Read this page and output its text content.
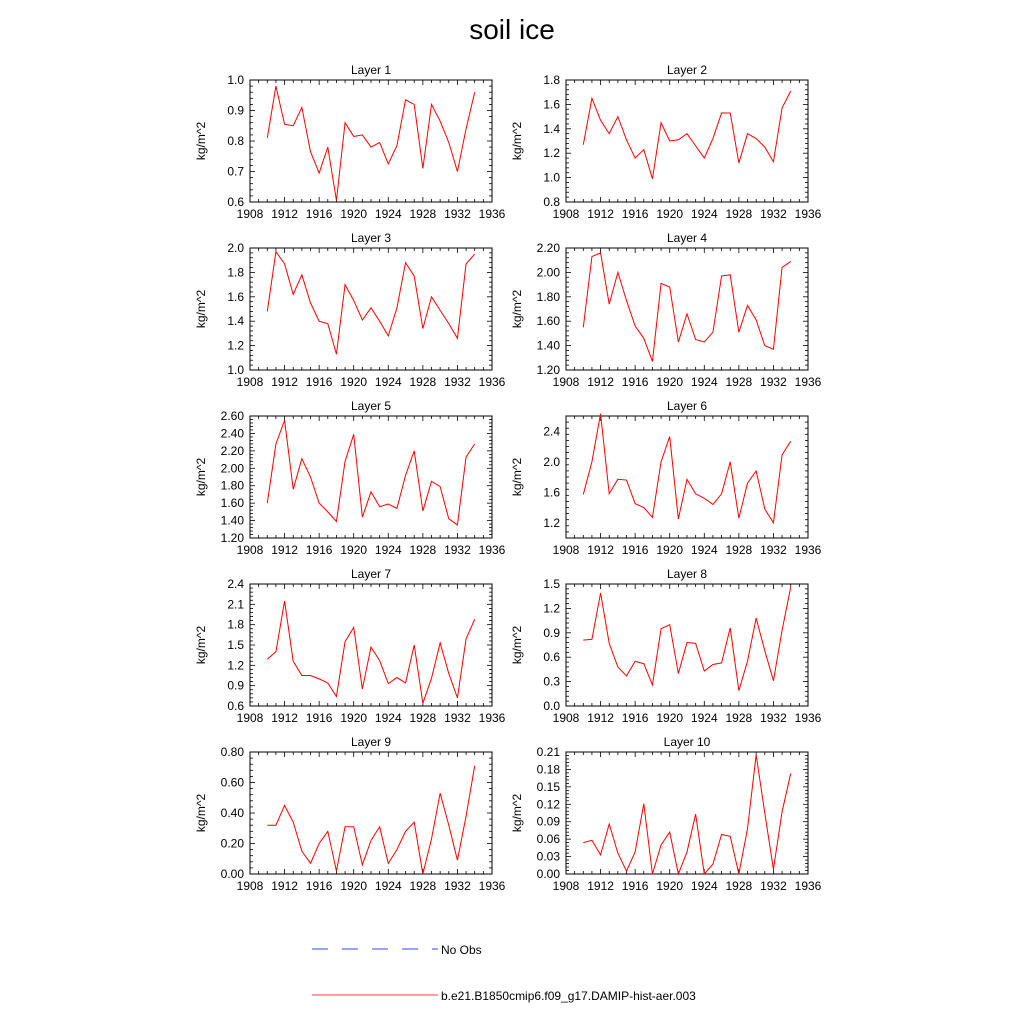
soil ice
Layer 1
kg/m^2
1908 1912 1916 1920 1924 1928 1932 1936
0.6
0.7
0.8
0.9
1.0
Layer 2
kg/m^2
1908 1912 1916 1920 1924 1928 1932 1936
0.8
1.0
1.2
1.4
1.6
1.8
Layer 3
kg/m^2
1908 1912 1916 1920 1924 1928 1932 1936
1.0
1.2
1.4
1.6
1.8
2.0
Layer 4
kg/m^2
1908 1912 1916 1920 1924 1928 1932 1936
1.20
1.40
1.60
1.80
2.00
2.20
Layer 5
kg/m^2
1908 1912 1916 1920 1924 1928 1932 1936
1.20
1.40
1.60
1.80
2.00
2.20
2.40
2.60
Layer 6
kg/m^2
1908 1912 1916 1920 1924 1928 1932 1936
1.2
1.6
2.0
2.4
Layer 7
kg/m^2
1908 1912 1916 1920 1924 1928 1932 1936
0.6
0.9
1.2
1.5
1.8
2.1
2.4
Layer 8
kg/m^2
1908 1912 1916 1920 1924 1928 1932 1936
0.0
0.3
0.6
0.9
1.2
1.5
Layer 9
kg/m^2
1908 1912 1916 1920 1924 1928 1932 1936
0.00
0.20
0.40
0.60
0.80
Layer 10
kg/m^2
1908 1912 1916 1920 1924 1928 1932 1936
0.00
0.03
0.06
0.09
0.12
0.15
0.18
0.21
No Obs
b.e21.B1850cmip6.f09_g17.DAMIP-hist-aer.003
